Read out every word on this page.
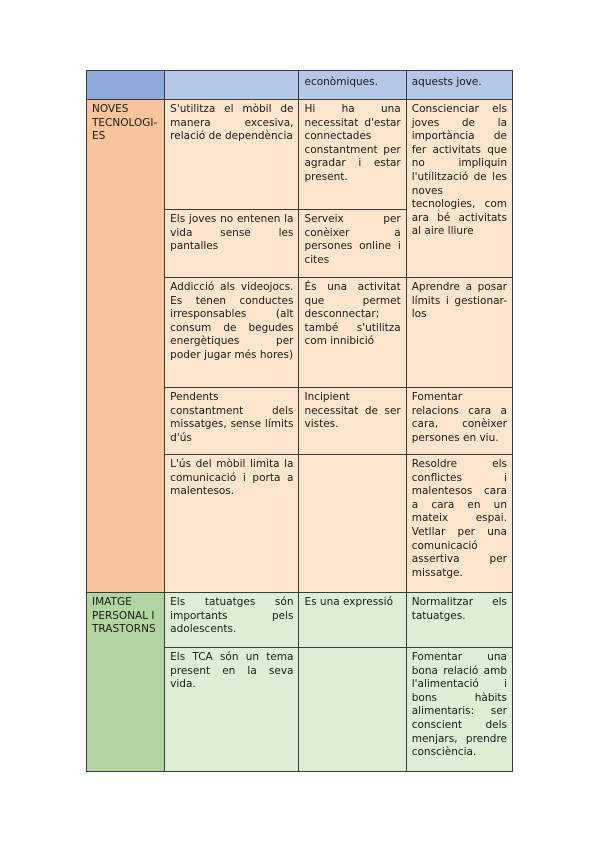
		econòmiques.	aquests jove.
NOVES TECNOLOGIES	S'utilitza el mòbil de manera excesiva, relació de dependència	Hi ha una necessitat d'estar connectades constantment per agradar i estar present.	Conscienciar els joves de la importància de fer activitats que no impliquin l'utilització de les noves tecnologies, com ara bé activitats al aire lliure
	Els joves no entenen la vida sense les pantalles	Serveix per conèixer a persones online i cites	
	Addicció als videojocs. Es tenen conductes irresponsables (alt consum de begudes energètiques per poder jugar més hores)	És una activitat que permet desconnectar; també s'utilitza com innibició	Aprendre a posar límits i gestionar-los
	Pendents constantment dels missatges, sense límits d'ús	Incipient necessitat de ser vistes.	Fomentar relacions cara a cara, conèixer persones en viu.
	L'ús del mòbil limita la comunicació i porta a malentesos.		Resoldre els conflictes i malentesos cara a cara en un mateix espai. Vetllar per una comunicació assertiva per missatge.
IMATGE PERSONAL I TRASTORNS	Els tatuatges són importants pels adolescents.	Es una expressió	Normalitzar els tatuatges.
	Els TCA són un tema present en la seva vida.		Fomentar una bona relació amb l'alimentació i bons hàbits alimentaris: ser conscient dels menjars, prendre consciència.
